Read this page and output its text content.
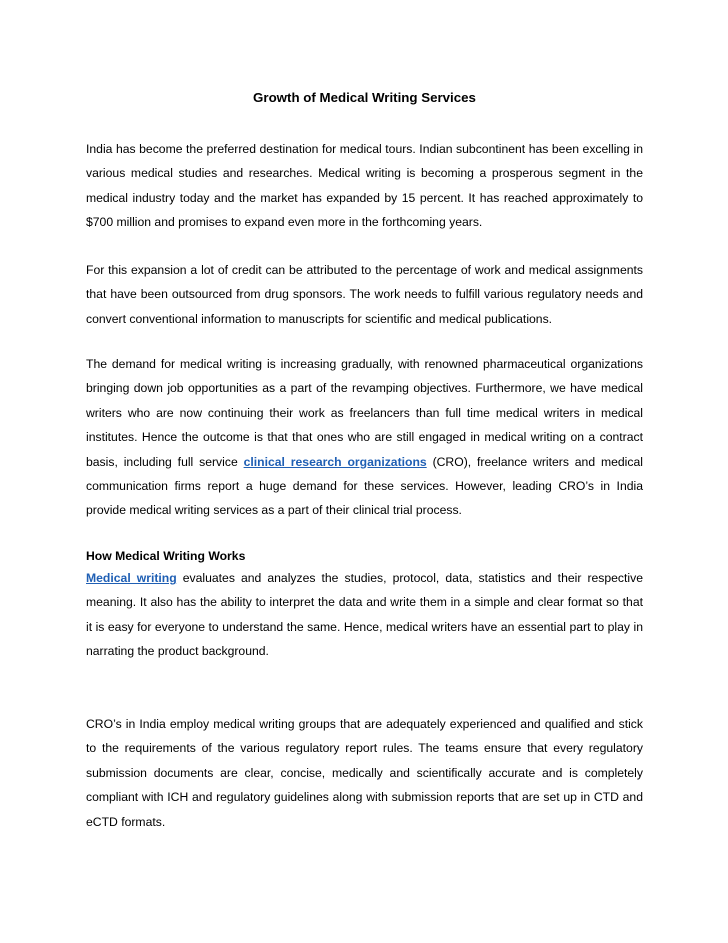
Growth of Medical Writing Services

India has become the preferred destination for medical tours. Indian subcontinent has been excelling in various medical studies and researches. Medical writing is becoming a prosperous segment in the medical industry today and the market has expanded by 15 percent. It has reached approximately to $700 million and promises to expand even more in the forthcoming years.

For this expansion a lot of credit can be attributed to the percentage of work and medical assignments that have been outsourced from drug sponsors. The work needs to fulfill various regulatory needs and convert conventional information to manuscripts for scientific and medical publications.

The demand for medical writing is increasing gradually, with renowned pharmaceutical organizations bringing down job opportunities as a part of the revamping objectives. Furthermore, we have medical writers who are now continuing their work as freelancers than full time medical writers in medical institutes. Hence the outcome is that that ones who are still engaged in medical writing on a contract basis, including full service clinical research organizations (CRO), freelance writers and medical communication firms report a huge demand for these services. However, leading CRO’s in India provide medical writing services as a part of their clinical trial process.

How Medical Writing Works

Medical writing evaluates and analyzes the studies, protocol, data, statistics and their respective meaning. It also has the ability to interpret the data and write them in a simple and clear format so that it is easy for everyone to understand the same. Hence, medical writers have an essential part to play in narrating the product background.

CRO’s in India employ medical writing groups that are adequately experienced and qualified and stick to the requirements of the various regulatory report rules. The teams ensure that every regulatory submission documents are clear, concise, medically and scientifically accurate and is completely compliant with ICH and regulatory guidelines along with submission reports that are set up in CTD and eCTD formats.
